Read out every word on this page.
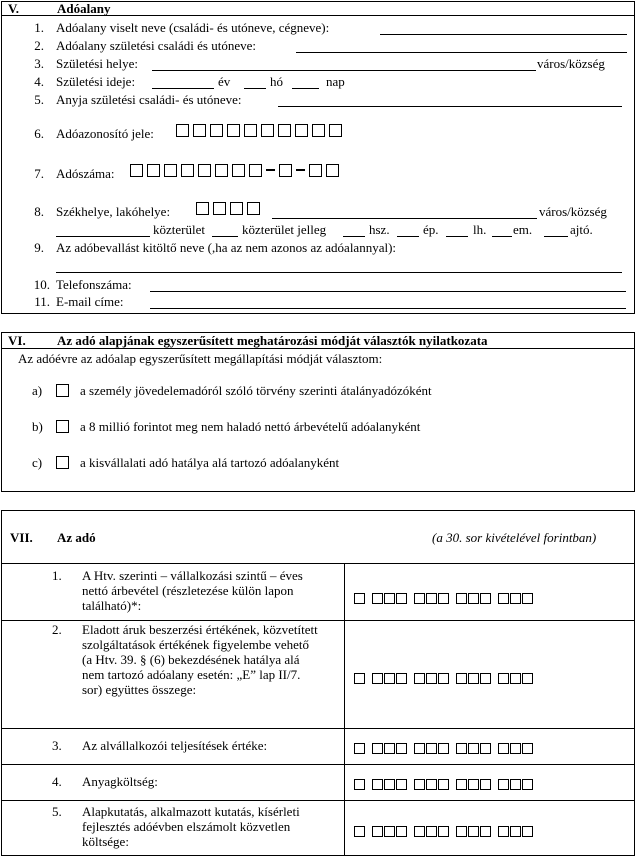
V.	Adóalany
1. Adóalany viselt neve (családi- és utóneve, cégneve):
2. Adóalany születési családi és utóneve:
3. Születési helye:	város/község
4. Születési ideje:	év	hó	nap
5. Anyja születési családi- és utóneve:
6. Adóazonosító jele:
7. Adószáma:
8. Székhelye, lakóhelye:	város/község
közterület	közterület jelleg	hsz.	ép.	lh. em.	ajtó.
9. Az adóbevallást kitöltő neve (,ha az nem azonos az adóalannyal):
10. Telefonszáma:
11. E-mail címe:
VI. Az adó alapjának egyszerűsített meghatározási módját választók nyilatkozata
Az adóévre az adóalap egyszerűsített megállapítási módját választom:
a)	a személy jövedelemadóról szóló törvény szerinti átalányadózóként
b)	a 8 millió forintot meg nem haladó nettó árbevételű adóalanyként
c)	a kisvállalati adó hatálya alá tartozó adóalanyként
VII. Az adó	(a 30. sor kivételével forintban)
1.	A Htv. szerinti – vállalkozási szintű – éves nettó árbevétel (részletezése külön lapon található)*:
2.	Eladott áruk beszerzési értékének, közvetített szolgáltatások értékének figyelembe vehető (a Htv. 39. § (6) bekezdésének hatálya alá nem tartozó adóalany esetén: „E” lap II/7. sor) együttes összege:
3.	Az alvállalkozói teljesítések értéke:
4.	Anyagköltség:
5.	Alapkutatás, alkalmazott kutatás, kísérleti fejlesztés adóévben elszámolt közvetlen költsége:
